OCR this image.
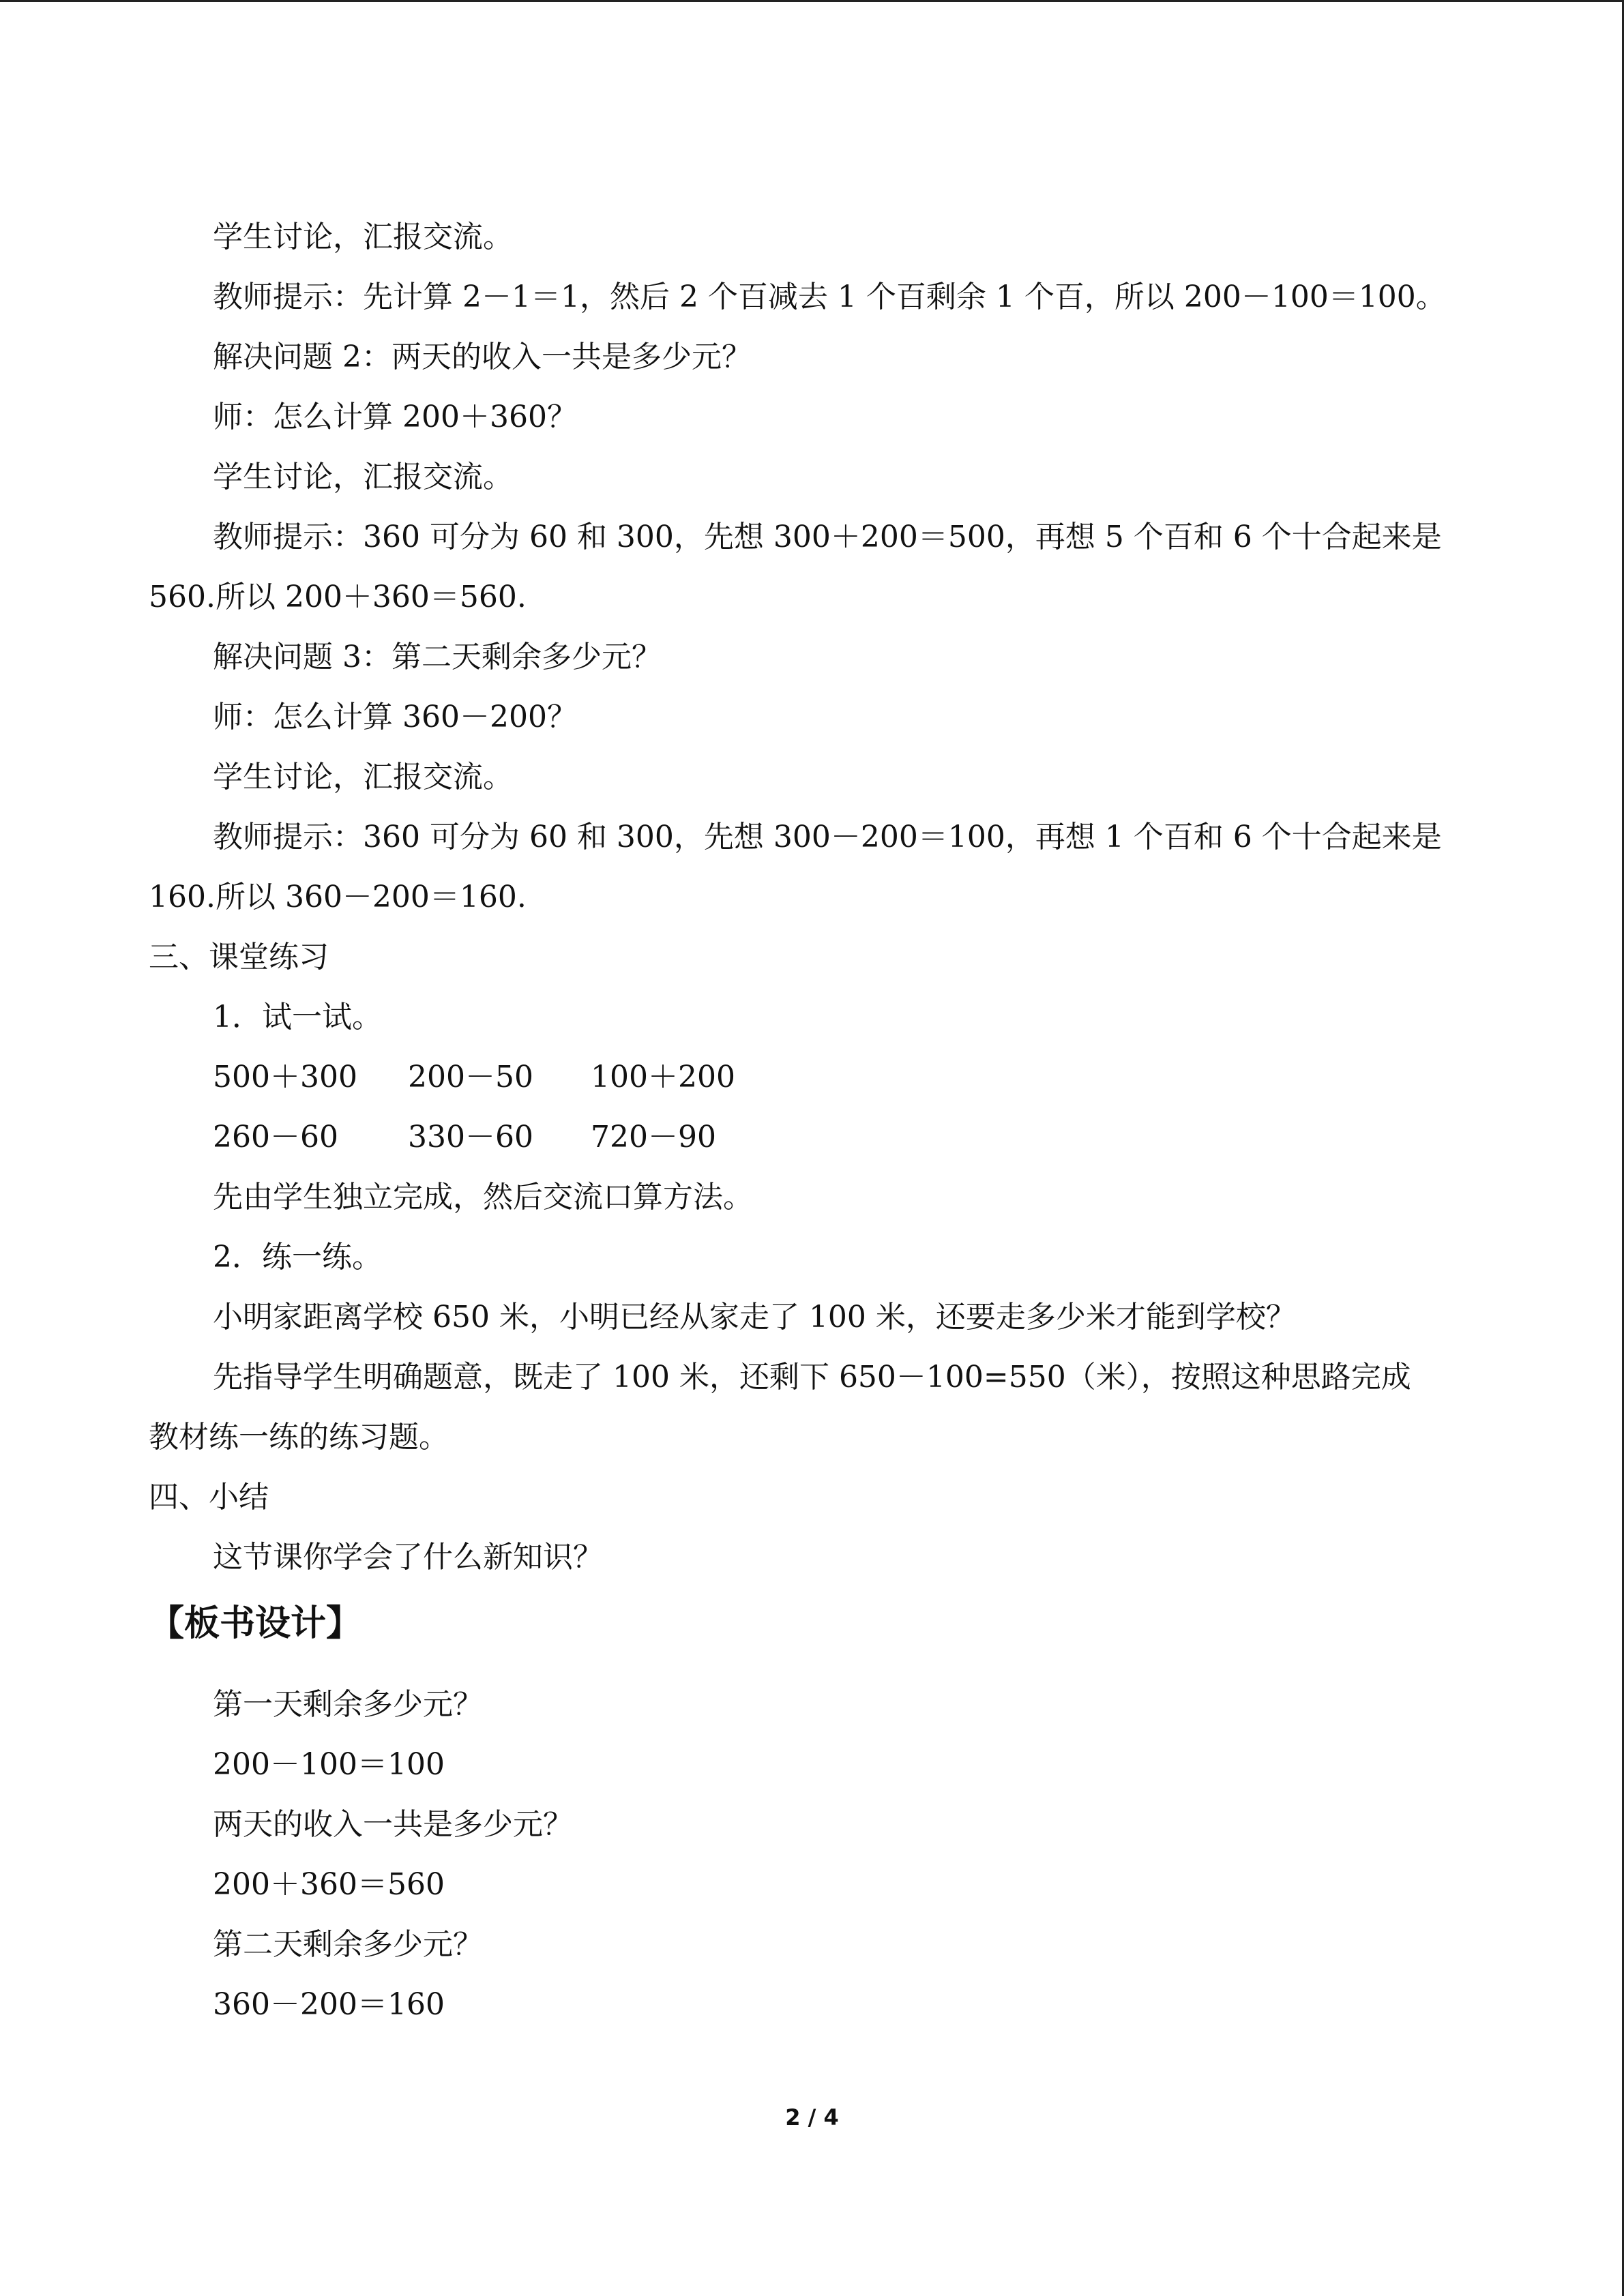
学生讨论，汇报交流。
教师提示：先计算 2－1＝1，然后 2 个百减去 1 个百剩余 1 个百，所以 200－100＝100。
解决问题 2：两天的收入一共是多少元？
师：怎么计算 200＋360？
学生讨论，汇报交流。
教师提示：360 可分为 60 和 300，先想 300＋200＝500，再想 5 个百和 6 个十合起来是
560.所以 200＋360＝560.
解决问题 3：第二天剩余多少元？
师：怎么计算 360－200？
学生讨论，汇报交流。
教师提示：360 可分为 60 和 300，先想 300－200＝100，再想 1 个百和 6 个十合起来是
160.所以 360－200＝160.
三、课堂练习
1．试一试。
500＋300 200－50 100＋200
260－60 330－60 720－90
先由学生独立完成，然后交流口算方法。
2．练一练。
小明家距离学校 650 米，小明已经从家走了 100 米，还要走多少米才能到学校？
先指导学生明确题意，既走了 100 米，还剩下 650－100=550（米），按照这种思路完成
教材练一练的练习题。
四、小结
这节课你学会了什么新知识？
【板书设计】
第一天剩余多少元？
200－100＝100
两天的收入一共是多少元？
200＋360＝560
第二天剩余多少元？
360－200＝160
2 / 4
